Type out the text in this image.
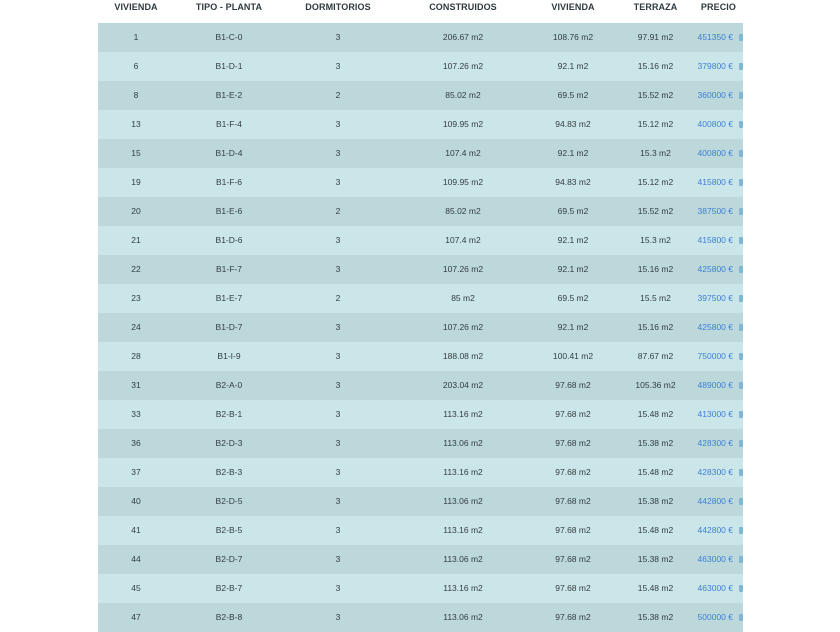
VIVIENDA	TIPO - PLANTA	DORMITORIOS	CONSTRUIDOS	VIVIENDA	TERRAZA	PRECIO
1	B1-C-0	3	206.67 m2	108.76 m2	97.91 m2	451350 €
6	B1-D-1	3	107.26 m2	92.1 m2	15.16 m2	379800 €
8	B1-E-2	2	85.02 m2	69.5 m2	15.52 m2	360000 €
13	B1-F-4	3	109.95 m2	94.83 m2	15.12 m2	400800 €
15	B1-D-4	3	107.4 m2	92.1 m2	15.3 m2	400800 €
19	B1-F-6	3	109.95 m2	94.83 m2	15.12 m2	415800 €
20	B1-E-6	2	85.02 m2	69.5 m2	15.52 m2	387500 €
21	B1-D-6	3	107.4 m2	92.1 m2	15.3 m2	415800 €
22	B1-F-7	3	107.26 m2	92.1 m2	15.16 m2	425800 €
23	B1-E-7	2	85 m2	69.5 m2	15.5 m2	397500 €
24	B1-D-7	3	107.26 m2	92.1 m2	15.16 m2	425800 €
28	B1-I-9	3	188.08 m2	100.41 m2	87.67 m2	750000 €
31	B2-A-0	3	203.04 m2	97.68 m2	105.36 m2	489000 €
33	B2-B-1	3	113.16 m2	97.68 m2	15.48 m2	413000 €
36	B2-D-3	3	113.06 m2	97.68 m2	15.38 m2	428300 €
37	B2-B-3	3	113.16 m2	97.68 m2	15.48 m2	428300 €
40	B2-D-5	3	113.06 m2	97.68 m2	15.38 m2	442800 €
41	B2-B-5	3	113.16 m2	97.68 m2	15.48 m2	442800 €
44	B2-D-7	3	113.06 m2	97.68 m2	15.38 m2	463000 €
45	B2-B-7	3	113.16 m2	97.68 m2	15.48 m2	463000 €
47	B2-B-8	3	113.06 m2	97.68 m2	15.38 m2	500000 €
